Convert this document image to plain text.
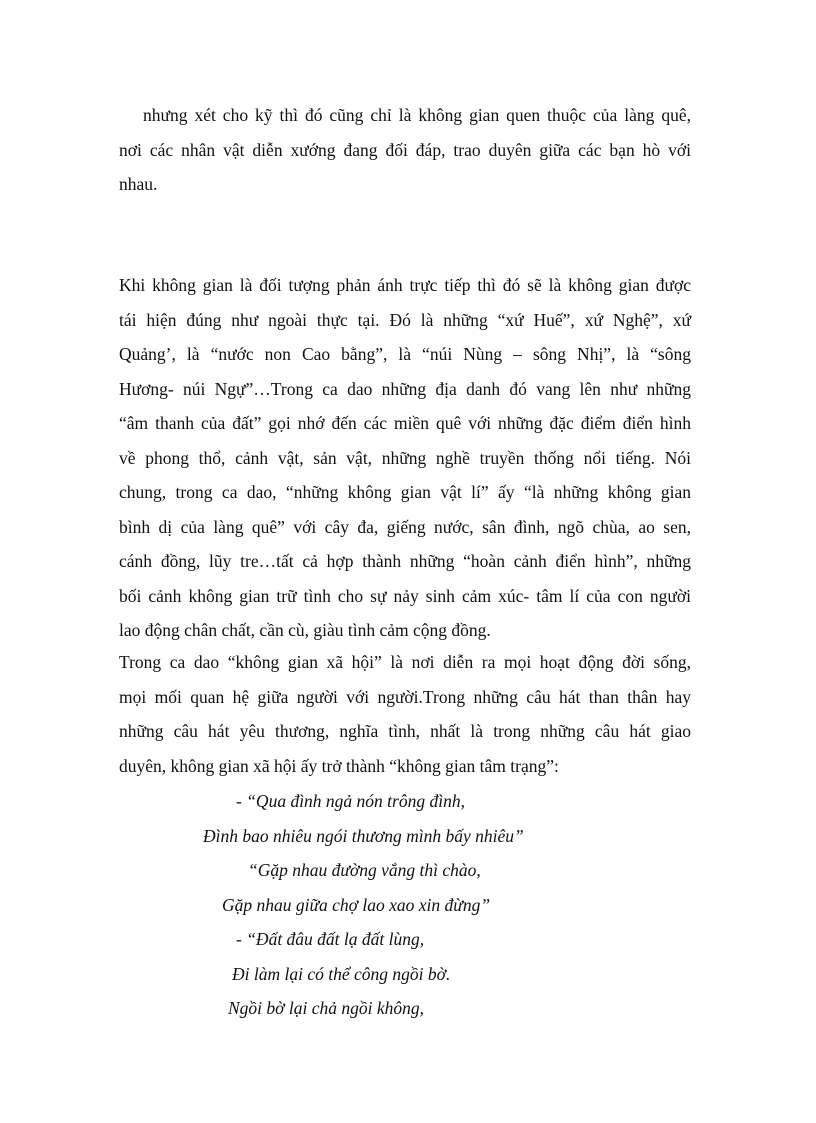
nhưng xét cho kỹ thì đó cũng chỉ là không gian quen thuộc của làng quê,
nơi các nhân vật diễn xướng đang đối đáp, trao duyên giữa các bạn hò với
nhau.

Khi không gian là đối tượng phản ánh trực tiếp thì đó sẽ là không gian được
tái hiện đúng như ngoài thực tại. Đó là những “xứ Huế”, xứ Nghệ”, xứ
Quảng’, là “nước non Cao bằng”, là “núi Nùng – sông Nhị”, là “sông
Hương- núi Ngự”…Trong ca dao những địa danh đó vang lên như những
“âm thanh của đất” gọi nhớ đến các miền quê với những đặc điểm điển hình
về phong thổ, cảnh vật, sản vật, những nghề truyền thống nổi tiếng. Nói
chung, trong ca dao, “những không gian vật lí” ấy “là những không gian
bình dị của làng quê” với cây đa, giếng nước, sân đình, ngõ chùa, ao sen,
cánh đồng, lũy tre…tất cả hợp thành những “hoàn cảnh điển hình”, những
bối cảnh không gian trữ tình cho sự nảy sinh cảm xúc- tâm lí của con người
lao động chân chất, cần cù, giàu tình cảm cộng đồng.

Trong ca dao “không gian xã hội” là nơi diễn ra mọi hoạt động đời sống,
mọi mối quan hệ giữa người với người.Trong những câu hát than thân hay
những câu hát yêu thương, nghĩa tình, nhất là trong những câu hát giao
duyên, không gian xã hội ấy trở thành “không gian tâm trạng”:

- “Qua đình ngả nón trông đình,
Đình bao nhiêu ngói thương mình bấy nhiêu”
“Gặp nhau đường vắng thì chào,
Gặp nhau giữa chợ lao xao xin đừng”
- “Đất đâu đất lạ đất lùng,
Đi làm lại có thể công ngồi bờ.
Ngồi bờ lại chả ngồi không,
